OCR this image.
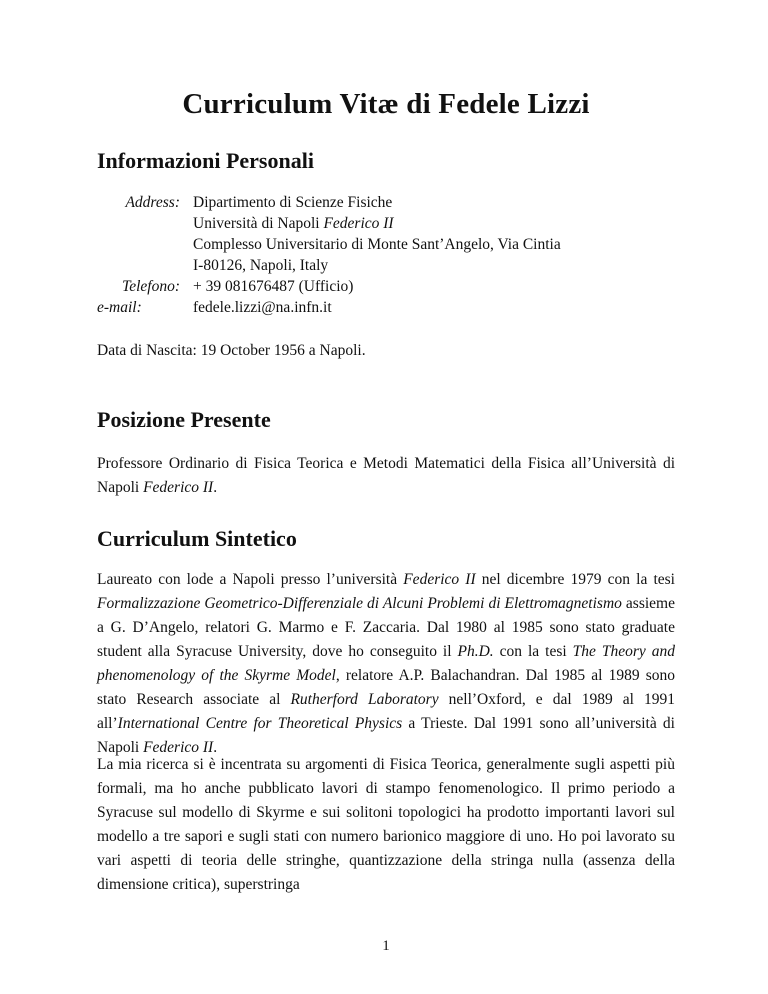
Curriculum Vitæ di Fedele Lizzi
Informazioni Personali
Address: Dipartimento di Scienze Fisiche
Università di Napoli Federico II
Complesso Universitario di Monte Sant’Angelo, Via Cintia
I-80126, Napoli, Italy
Telefono: + 39 081676487 (Ufficio)
e-mail:	fedele.lizzi@na.infn.it

Data di Nascita: 19 October 1956 a Napoli.

Posizione Presente

Professore Ordinario di Fisica Teorica e Metodi Matematici della Fisica all’Università di Napoli Federico II.

Curriculum Sintetico

Laureato con lode a Napoli presso l’università Federico II nel dicembre 1979 con la tesi Formalizzazione Geometrico-Differenziale di Alcuni Problemi di Elettromagnetismo assieme a G. D’Angelo, relatori G. Marmo e F. Zaccaria. Dal 1980 al 1985 sono stato graduate student alla Syracuse University, dove ho conseguito il Ph.D. con la tesi The Theory and phenomenology of the Skyrme Model, relatore A.P. Balachandran. Dal 1985 al 1989 sono stato Research associate al Rutherford Laboratory nell’Oxford, e dal 1989 al 1991 all’International Centre for Theoretical Physics a Trieste. Dal 1991 sono all’università di Napoli Federico II.

La mia ricerca si è incentrata su argomenti di Fisica Teorica, generalmente sugli aspetti più formali, ma ho anche pubblicato lavori di stampo fenomenologico. Il primo periodo a Syracuse sul modello di Skyrme e sui solitoni topologici ha prodotto importanti lavori sul modello a tre sapori e sugli stati con numero barionico maggiore di uno. Ho poi lavorato su vari aspetti di teoria delle stringhe, quantizzazione della stringa nulla (assenza della dimensione critica), superstringa

1
